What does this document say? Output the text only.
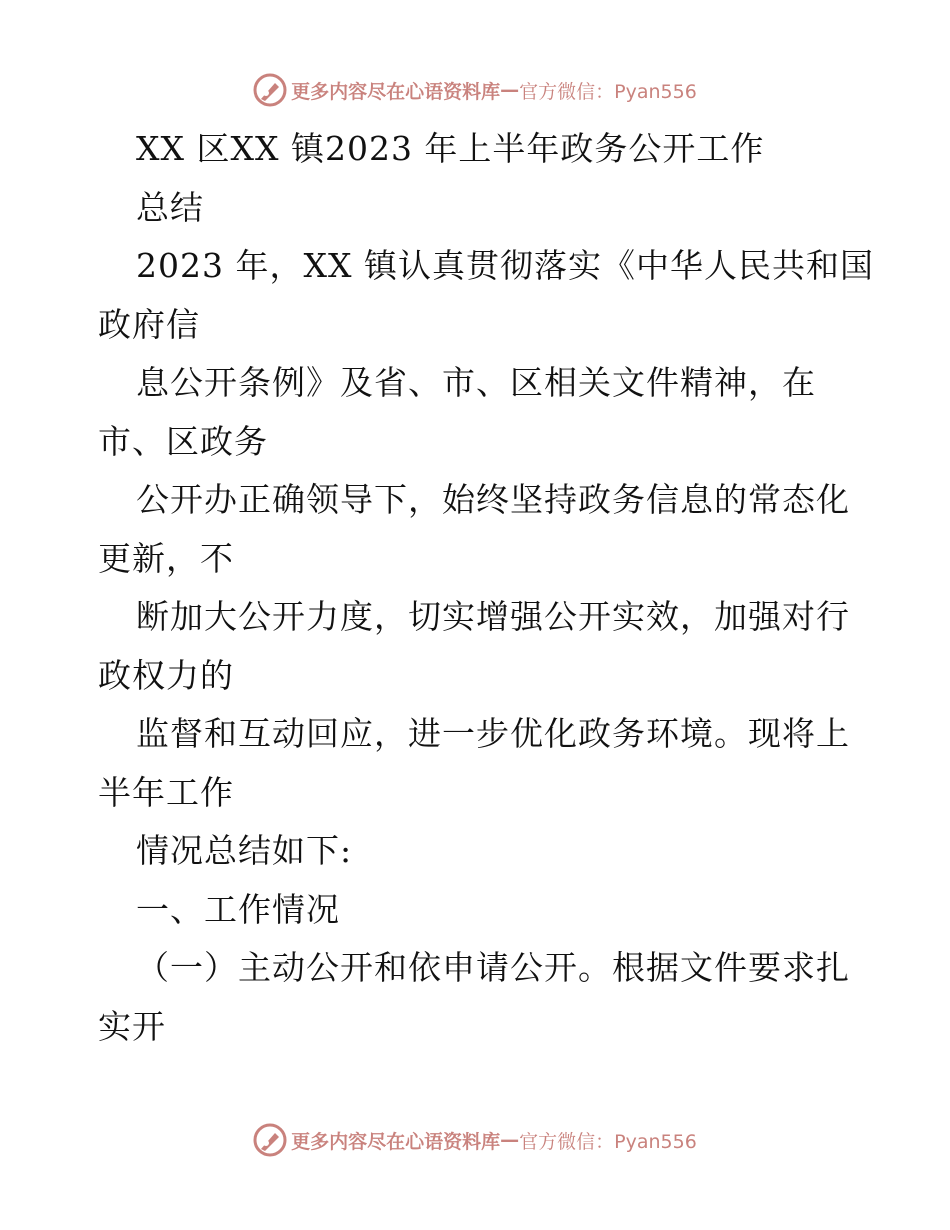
更多内容尽在心语资料库 — 官方微信：Pyan556
XX 区XX 镇2023 年上半年政务公开工作
总结
2023 年，XX 镇认真贯彻落实《中华人民共和国
政府信
息公开条例》及省、市、区相关文件精神，在
市、区政务
公开办正确领导下，始终坚持政务信息的常态化
更新，不
断加大公开力度，切实增强公开实效，加强对行
政权力的
监督和互动回应，进一步优化政务环境。现将上
半年工作
情况总结如下:
一、工作情况
（一）主动公开和依申请公开。根据文件要求扎
实开
更多内容尽在心语资料库 — 官方微信：Pyan556
